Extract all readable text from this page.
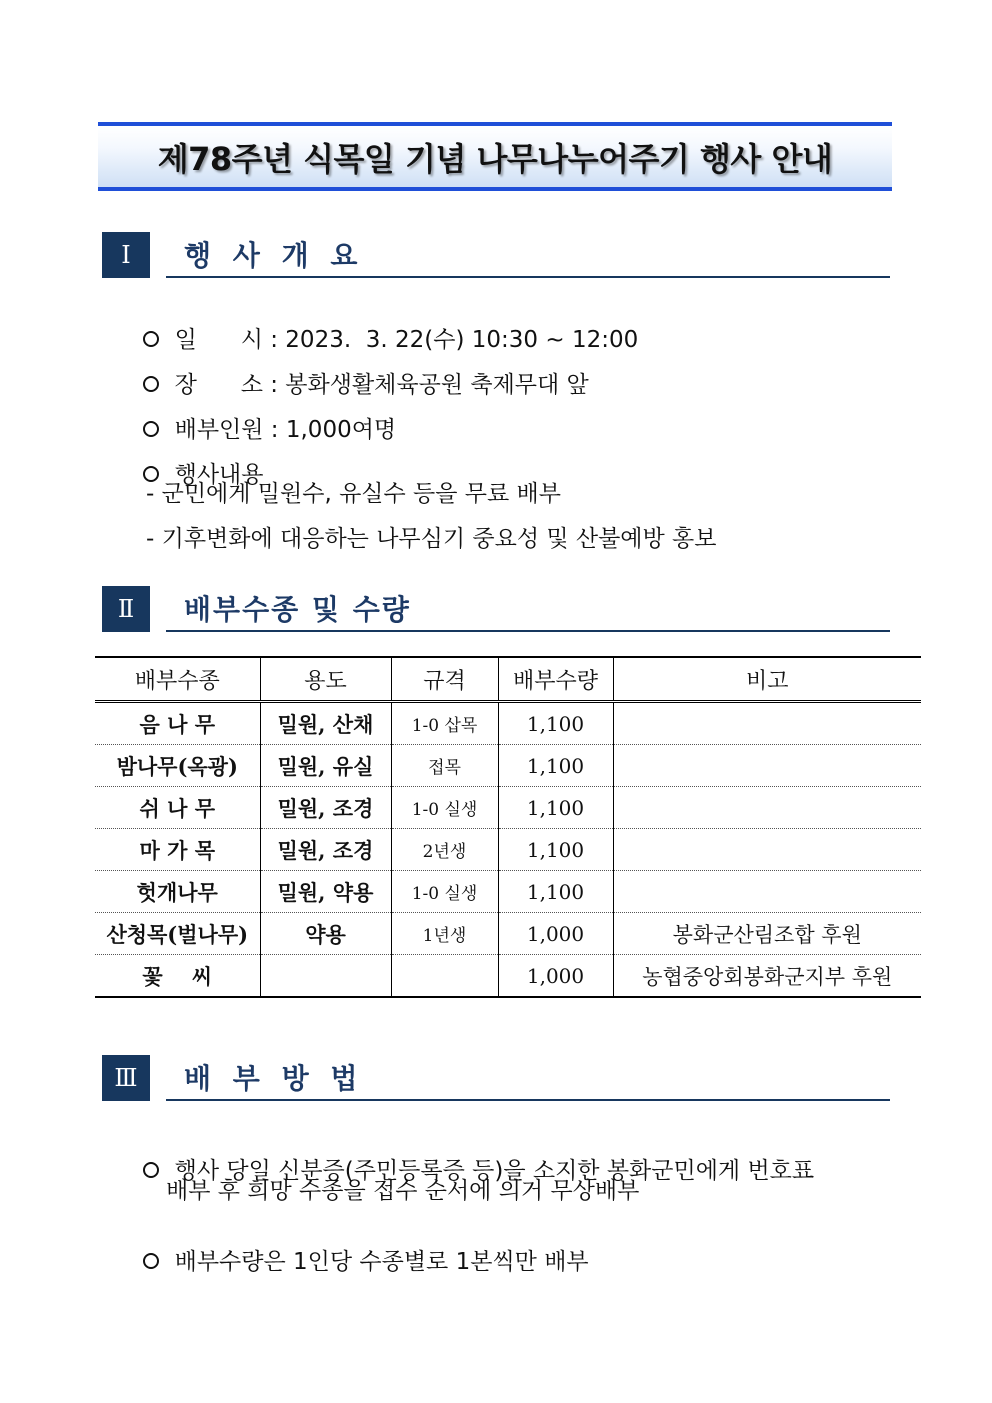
제78주년 식목일 기념 나무나누어주기 행사 안내
Ⅰ	행 사 개 요

일      시 : 2023.  3. 22(수) 10:30 ~ 12:00

장      소 : 봉화생활체육공원 축제무대 앞

배부인원 : 1,000여명

행사내용

- 군민에게 밀원수, 유실수 등을 무료 배부
- 기후변화에 대응하는 나무심기 중요성 및 산불예방 홍보
Ⅱ	배부수종 및 수량
배부수종	용도	규격	배부수량	비고
음 나 무	밀원, 산채	1-0 삽목	1,100	
밤나무(옥광)	밀원, 유실	접목	1,100	
쉬 나 무	밀원, 조경	1-0 실생	1,100	
마 가 목	밀원, 조경	2년생	1,100	
헛개나무	밀원, 약용	1-0 실생	1,100	
산청목(벌나무)	약용	1년생	1,000	봉화군산림조합 후원
꽃    씨			1,000	농협중앙회봉화군지부 후원
Ⅲ	배 부 방 법

행사 당일 신분증(주민등록증 등)을 소지한 봉화군민에게 번호표

배부 후 희망 수종을 접수 순서에 의거 무상배부

배부수량은 1인당 수종별로 1본씩만 배부
